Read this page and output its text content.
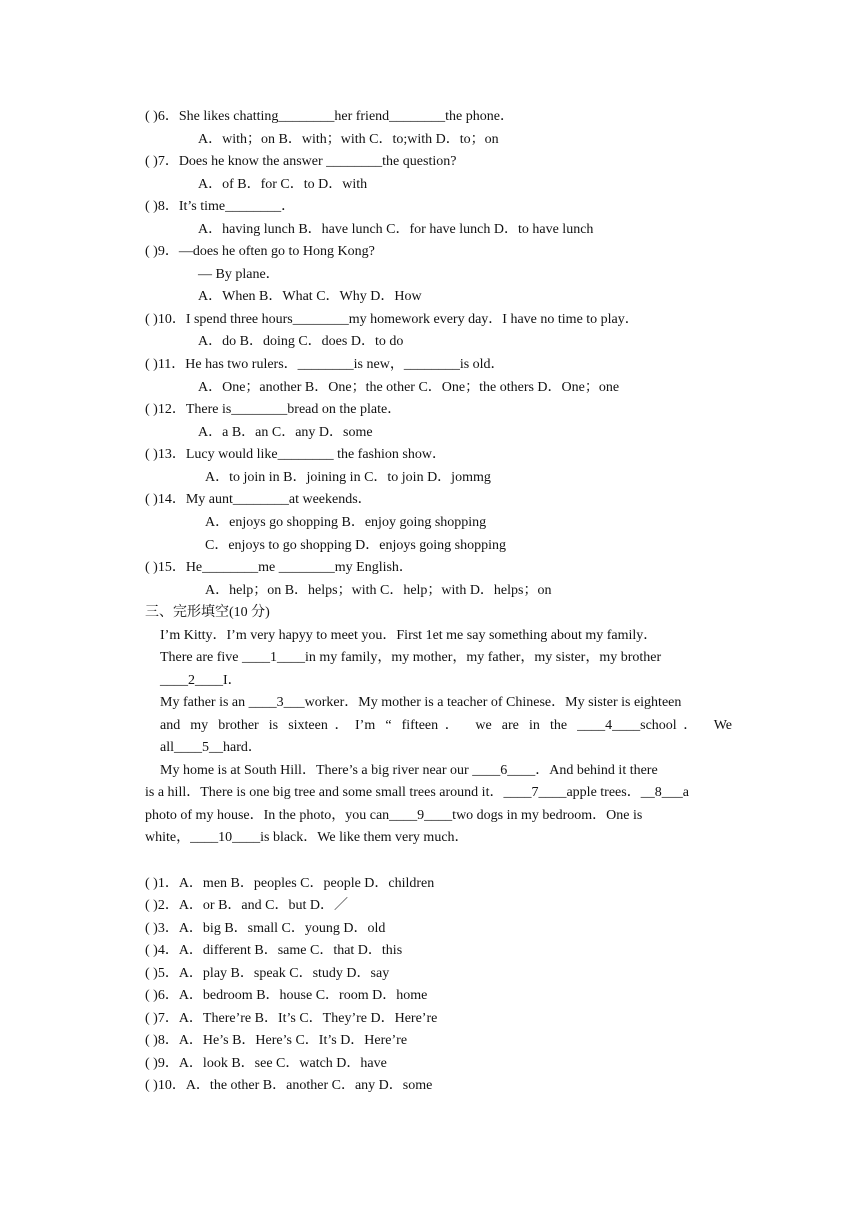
( )6．She likes chatting________her friend________the phone．

A．with；on B．with；with C．to;with D．to；on

( )7．Does he know the answer ________the question?

A．of B．for C．to D．with

( )8．It’s time________．

A．having lunch B．have lunch C．for have lunch D．to have lunch

( )9．—does he often go to Hong Kong?

— By plane．

A．When B．What C．Why D．How

( )10．I spend three hours________my homework every day．I have no time to play．

A．do B．doing C．does D．to do

( )11．He has two rulers．________is new，________is old．

A．One；another B．One；the other C．One；the others D．One；one

( )12．There is________bread on the plate．

A．a B．an C．any D．some

( )13．Lucy would like________ the fashion show．

A．to join in B．joining in C．to join D．jommg

( )14．My aunt________at weekends．

A．enjoys go shopping B．enjoy going shopping

C．enjoys to go shopping D．enjoys going shopping

( )15．He________me ________my English．

A．help；on B．helps；with C．help；with D．helps；on

三、完形填空(10 分)

I’m Kitty．I’m very hapyy to meet you．First 1et me say something about my family．

There are five ____1____in my family，my mother，my father，my sister，my brother

____2____I．

My father is an ____3___worker．My mother is a teacher of Chinese．My sister is eighteen

and my brother is sixteen．I’m “ fifteen． we are in the ____4____school． We

all____5__hard．

My home is at South Hill．There’s a big river near our ____6____．And behind it there

is a hill．There is one big tree and some small trees around it．____7____apple trees．__8___a

photo of my house．In the photo，you can____9____two dogs in my bedroom．One is

white，____10____is black．We like them very much．

( )1．A．men B．peoples C．people D．children

( )2．A．or B．and C．but D．／

( )3．A．big B．small C．young D．old

( )4．A．different B．same C．that D．this

( )5．A．play B．speak C．study D．say

( )6．A．bedroom B．house C．room D．home

( )7．A．There’re B．It’s C．They’re D．Here’re

( )8．A．He’s B．Here’s C．It’s D．Here’re

( )9．A．look B．see C．watch D．have

( )10．A．the other B．another C．any D．some
